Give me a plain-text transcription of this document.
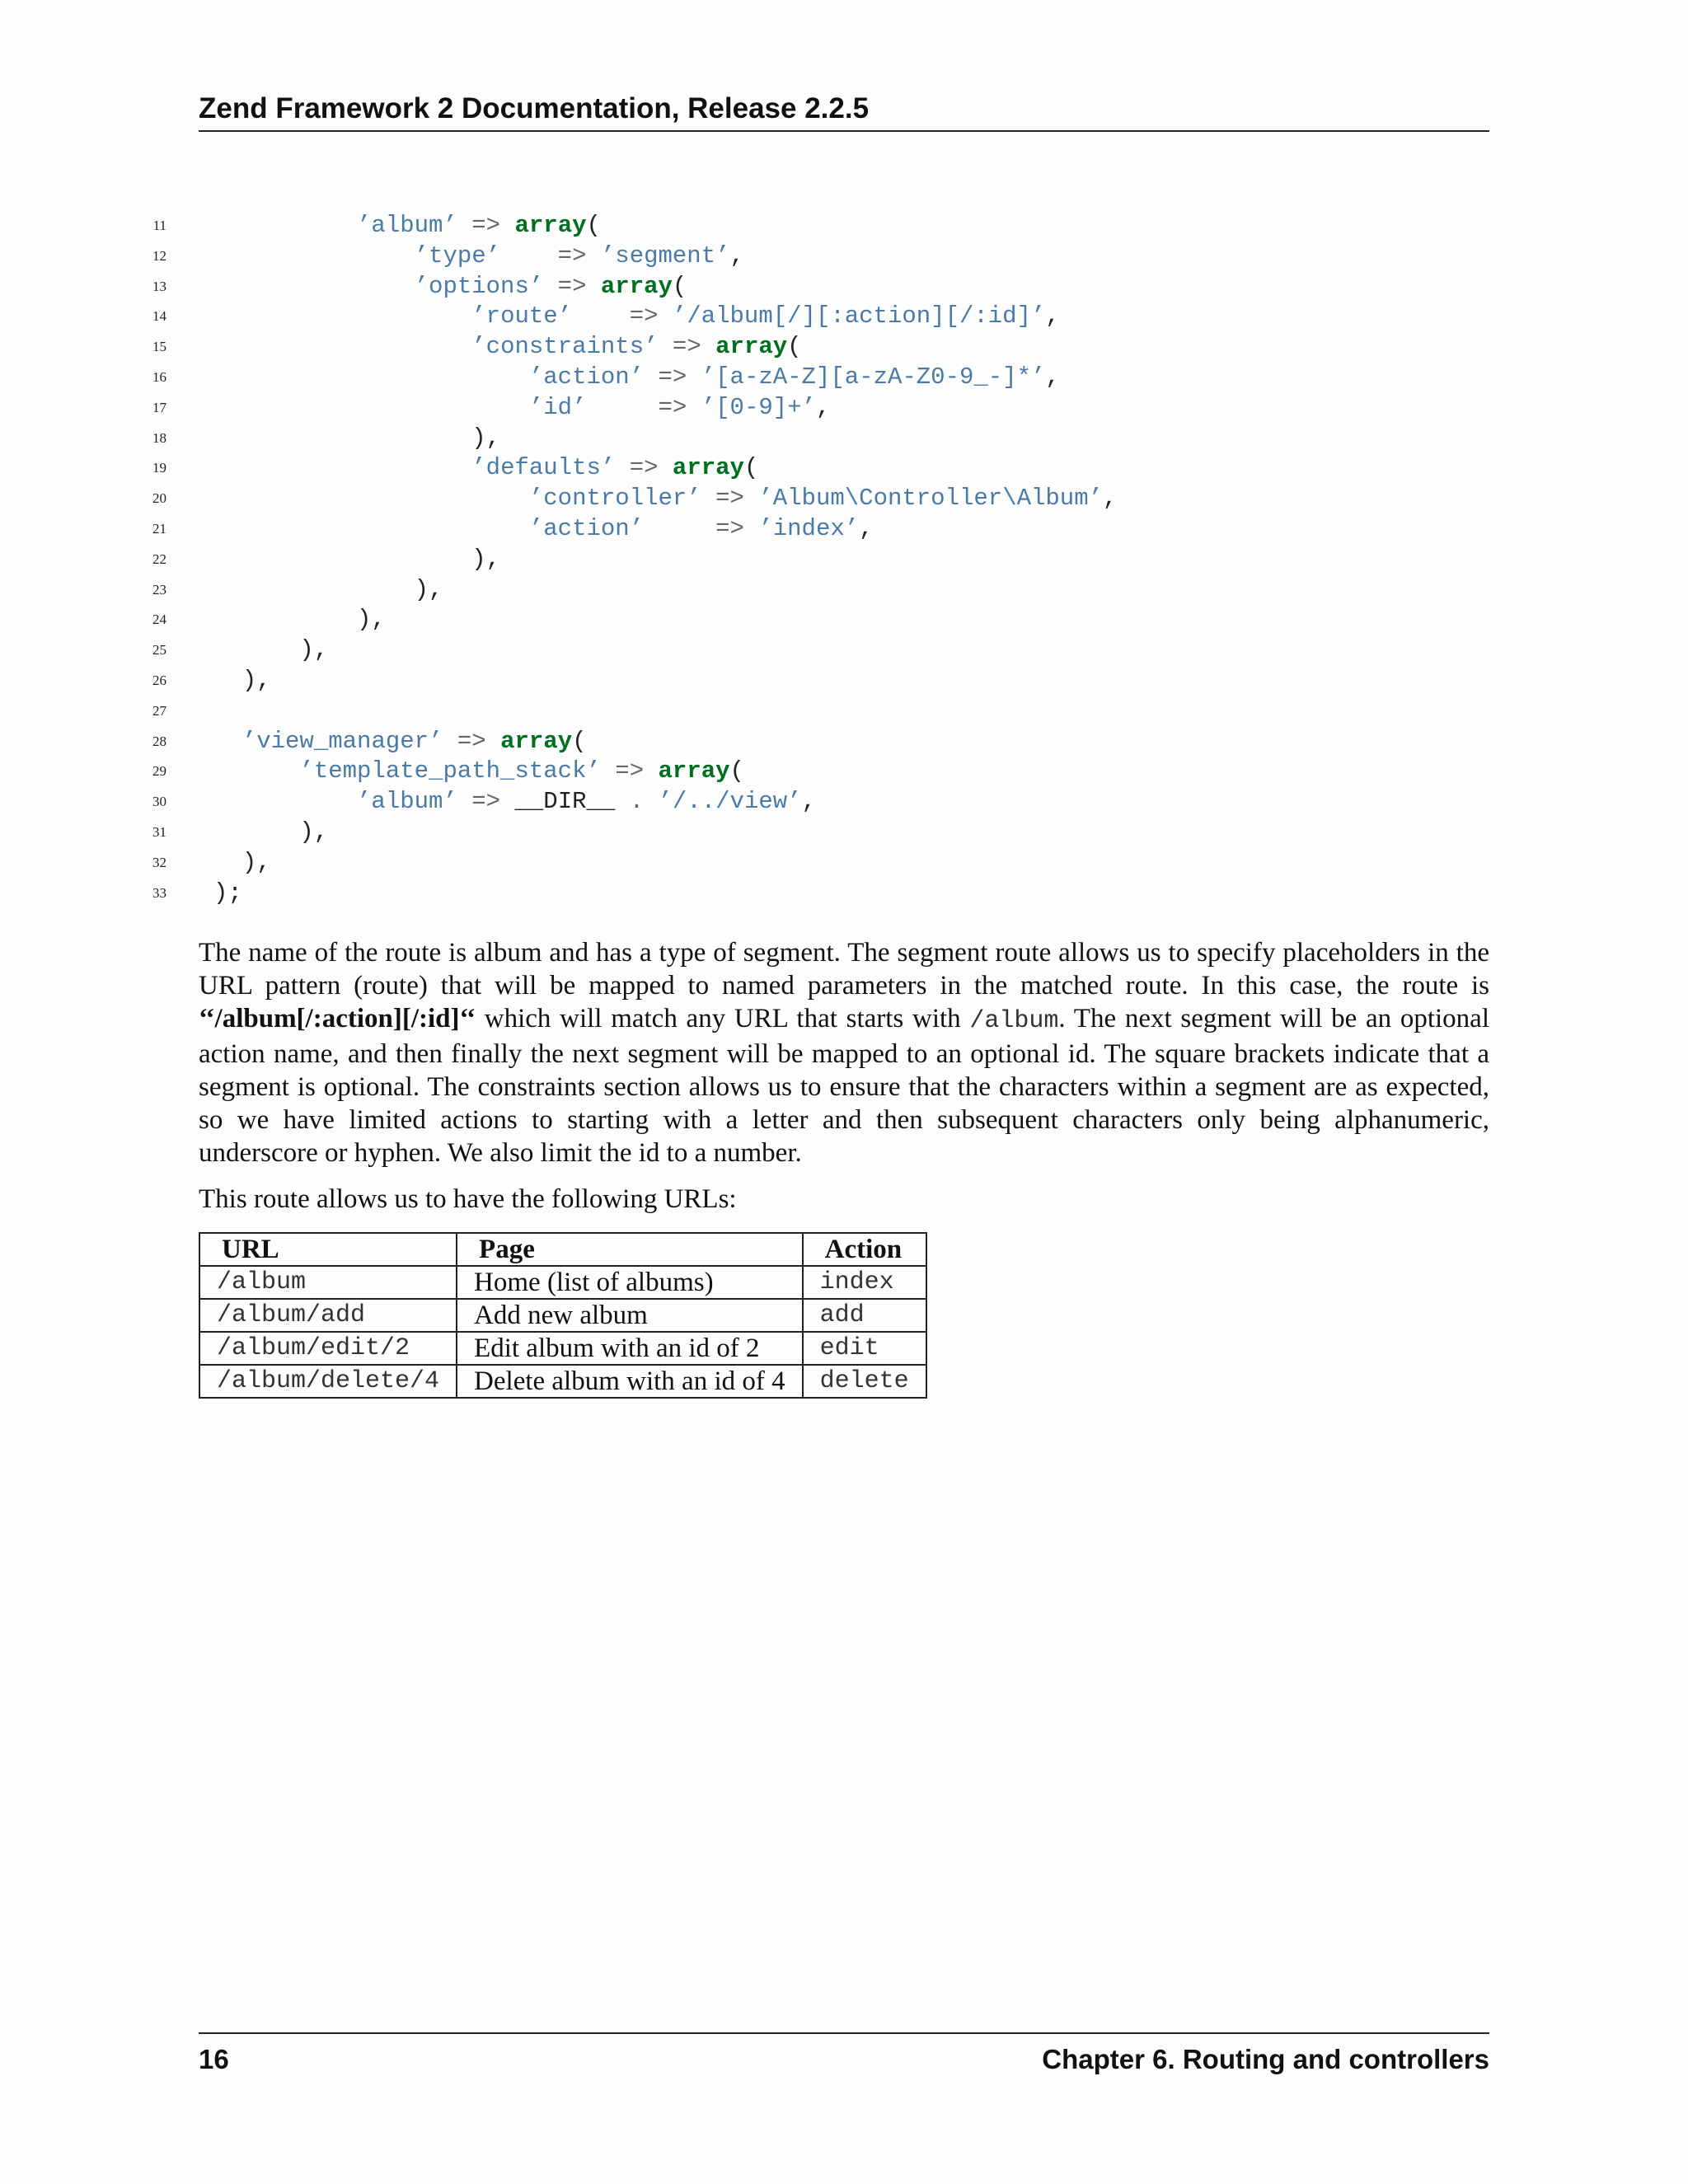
Zend Framework 2 Documentation, Release 2.2.5
11	’album’ => array(
12	’type’    => ’segment’,
13	’options’ => array(
14	’route’    => ’/album[/][:action][/:id]’,
15	’constraints’ => array(
16	’action’ => ’[a-zA-Z][a-zA-Z0-9_-]*’,
17	’id’     => ’[0-9]+’,
18	),
19	’defaults’ => array(
20	’controller’ => ’Album\Controller\Album’,
21	’action’     => ’index’,
22	),
23	),
24	),
25	),
26	),
27
28	’view_manager’ => array(
29	’template_path_stack’ => array(
30	’album’ => __DIR__ . ’/../view’,
31	),
32	),
33 );
The name of the route is album and has a type of segment. The segment route allows us to specify placeholders in the URL pattern (route) that will be mapped to named parameters in the matched route. In this case, the route is ‘‘/album[/:action][/:id]‘‘ which will match any URL that starts with /album. The next segment will be an optional action name, and then finally the next segment will be mapped to an optional id. The square brackets indicate that a segment is optional. The constraints section allows us to ensure that the characters within a segment are as expected, so we have limited actions to starting with a letter and then subsequent characters only being alphanumeric, underscore or hyphen. We also limit the id to a number.
This route allows us to have the following URLs:
URL	Page	Action
/album	Home (list of albums)	index
/album/add	Add new album	add
/album/edit/2	Edit album with an id of 2	edit
/album/delete/4	Delete album with an id of 4	delete
16	Chapter 6. Routing and controllers
